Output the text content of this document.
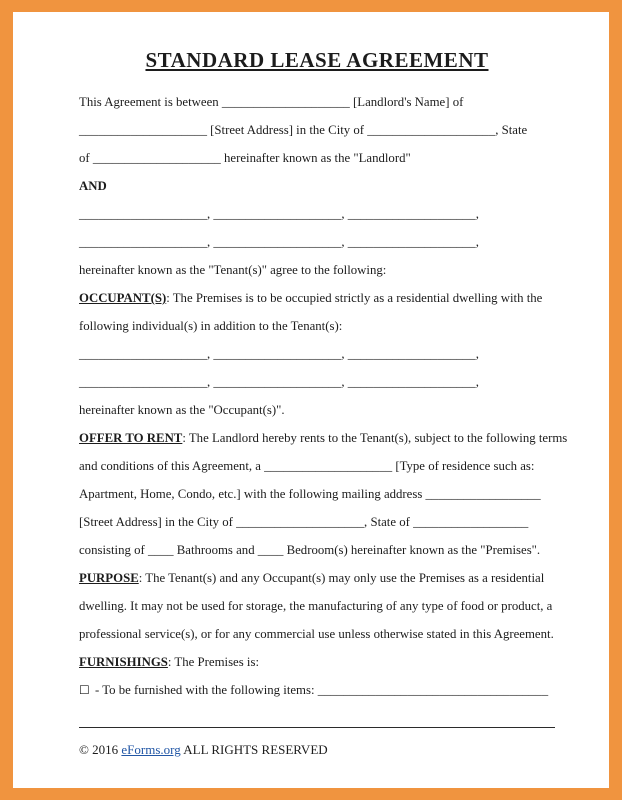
STANDARD LEASE AGREEMENT
This Agreement is between ____________________ [Landlord's Name] of
____________________ [Street Address] in the City of ____________________, State
of ____________________ hereinafter known as the "Landlord"
AND
____________________, ____________________, ____________________,
____________________, ____________________, ____________________,
hereinafter known as the "Tenant(s)" agree to the following:
OCCUPANT(S): The Premises is to be occupied strictly as a residential dwelling with the
following individual(s) in addition to the Tenant(s):
____________________, ____________________, ____________________,
____________________, ____________________, ____________________,
hereinafter known as the "Occupant(s)".
OFFER TO RENT: The Landlord hereby rents to the Tenant(s), subject to the following terms
and conditions of this Agreement, a ____________________ [Type of residence such as:
Apartment, Home, Condo, etc.] with the following mailing address __________________
[Street Address] in the City of ____________________, State of __________________
consisting of ____ Bathrooms and ____ Bedroom(s) hereinafter known as the "Premises".
PURPOSE: The Tenant(s) and any Occupant(s) may only use the Premises as a residential
dwelling. It may not be used for storage, the manufacturing of any type of food or product, a
professional service(s), or for any commercial use unless otherwise stated in this Agreement.
FURNISHINGS: The Premises is:
☐ - To be furnished with the following items: ____________________________________
© 2016 eForms.org ALL RIGHTS RESERVED
